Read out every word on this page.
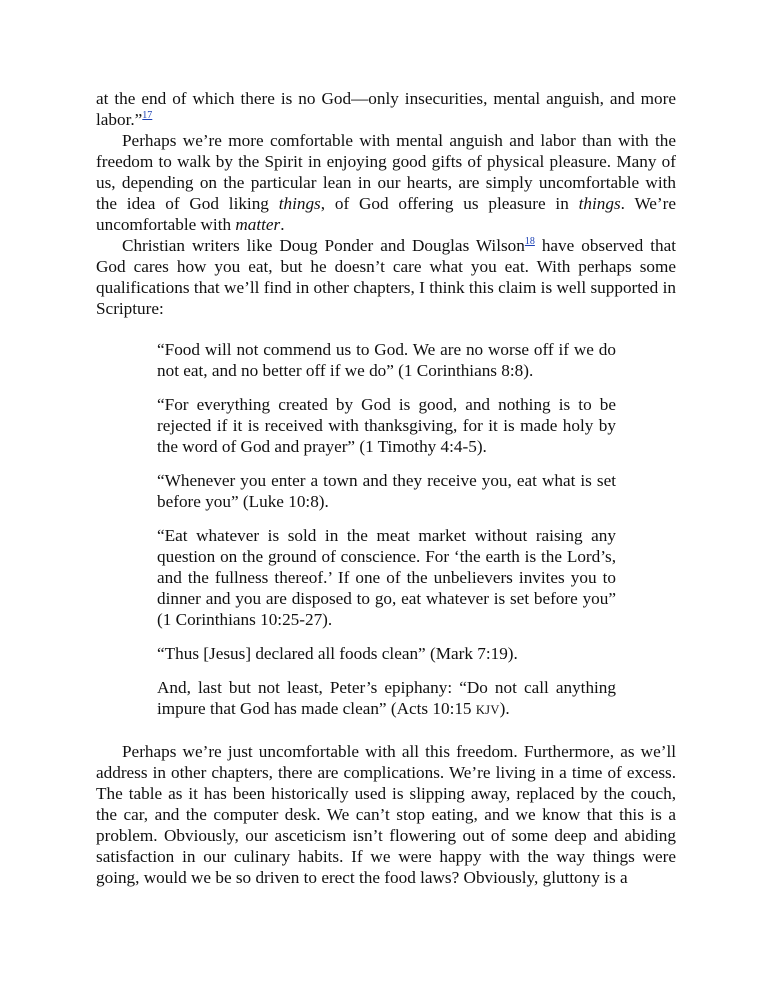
at the end of which there is no God—only insecurities, mental anguish, and more labor.”$^{17}$

Perhaps we’re more comfortable with mental anguish and labor than with the freedom to walk by the Spirit in enjoying good gifts of physical pleasure. Many of us, depending on the particular lean in our hearts, are simply uncomfortable with the idea of God liking things, of God offering us pleasure in things. We’re uncomfortable with matter.

Christian writers like Doug Ponder and Douglas Wilson$^{18}$ have observed that God cares how you eat, but he doesn’t care what you eat. With perhaps some qualifications that we’ll find in other chapters, I think this claim is well supported in Scripture:

“Food will not commend us to God. We are no worse off if we do not eat, and no better off if we do” (1 Corinthians 8:8).

“For everything created by God is good, and nothing is to be rejected if it is received with thanksgiving, for it is made holy by the word of God and prayer” (1 Timothy 4:4-5).

“Whenever you enter a town and they receive you, eat what is set before you” (Luke 10:8).

“Eat whatever is sold in the meat market without raising any question on the ground of conscience. For ‘the earth is the Lord’s, and the fullness thereof.’ If one of the unbelievers invites you to dinner and you are disposed to go, eat whatever is set before you” (1 Corinthians 10:25-27).

“Thus [Jesus] declared all foods clean” (Mark 7:19).

And, last but not least, Peter’s epiphany: “Do not call anything impure that God has made clean” (Acts 10:15 KJV).

Perhaps we’re just uncomfortable with all this freedom. Furthermore, as we’ll address in other chapters, there are complications. We’re living in a time of excess. The table as it has been historically used is slipping away, replaced by the couch, the car, and the computer desk. We can’t stop eating, and we know that this is a problem. Obviously, our asceticism isn’t flowering out of some deep and abiding satisfaction in our culinary habits. If we were happy with the way things were going, would we be so driven to erect the food laws? Obviously, gluttony is a
